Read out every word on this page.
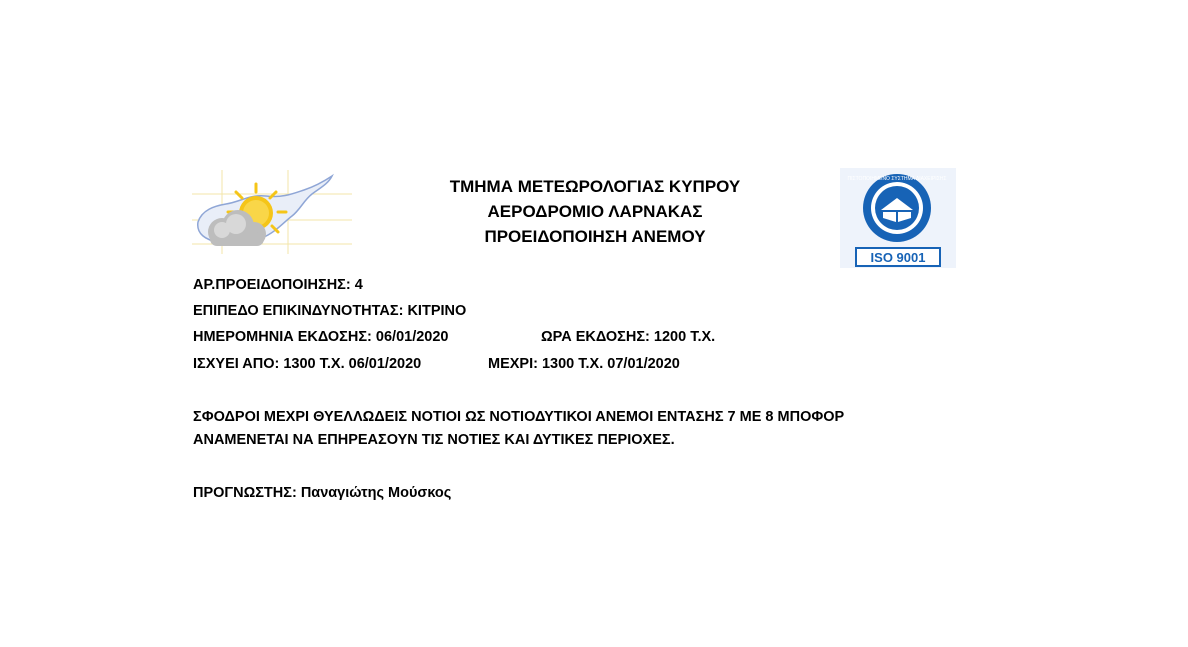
ΤΜΗΜΑ ΜΕΤΕΩΡΟΛΟΓΙΑΣ ΚΥΠΡΟΥ
ΑΕΡΟΔΡΟΜΙΟ ΛΑΡΝΑΚΑΣ
ΠΡΟΕΙΔΟΠΟΙΗΣΗ ΑΝΕΜΟΥ
ΠΙΣΤΟΠΟΙΗΜΕΝΟ ΣΥΣΤΗΜΑ ΔΙΑΧΕΙΡΙΣΗΣ
ISO 9001
ΑΡ.ΠΡΟΕΙΔΟΠΟΙΗΣΗΣ: 4
ΕΠΙΠΕΔΟ ΕΠΙΚΙΝΔΥΝΟΤΗΤΑΣ: ΚΙΤΡΙΝΟ
ΗΜΕΡΟΜΗΝΙΑ ΕΚΔΟΣΗΣ: 06/01/2020	ΩΡΑ ΕΚΔΟΣΗΣ: 1200 Τ.Χ.
ΙΣΧΥΕΙ ΑΠΟ: 1300 Τ.Χ. 06/01/2020	ΜΕΧΡΙ: 1300 Τ.Χ. 07/01/2020
ΣΦΟΔΡΟΙ ΜΕΧΡΙ ΘΥΕΛΛΩΔΕΙΣ ΝΟΤΙΟΙ ΩΣ ΝΟΤΙΟΔΥΤΙΚΟΙ ΑΝΕΜΟΙ ΕΝΤΑΣΗΣ 7 ΜΕ 8 ΜΠΟΦΟΡ
ΑΝΑΜΕΝΕΤΑΙ ΝΑ ΕΠΗΡΕΑΣΟΥΝ ΤΙΣ ΝΟΤΙΕΣ ΚΑΙ ΔΥΤΙΚΕΣ ΠΕΡΙΟΧΕΣ.
ΠΡΟΓΝΩΣΤΗΣ: Παναγιώτης Μούσκος
